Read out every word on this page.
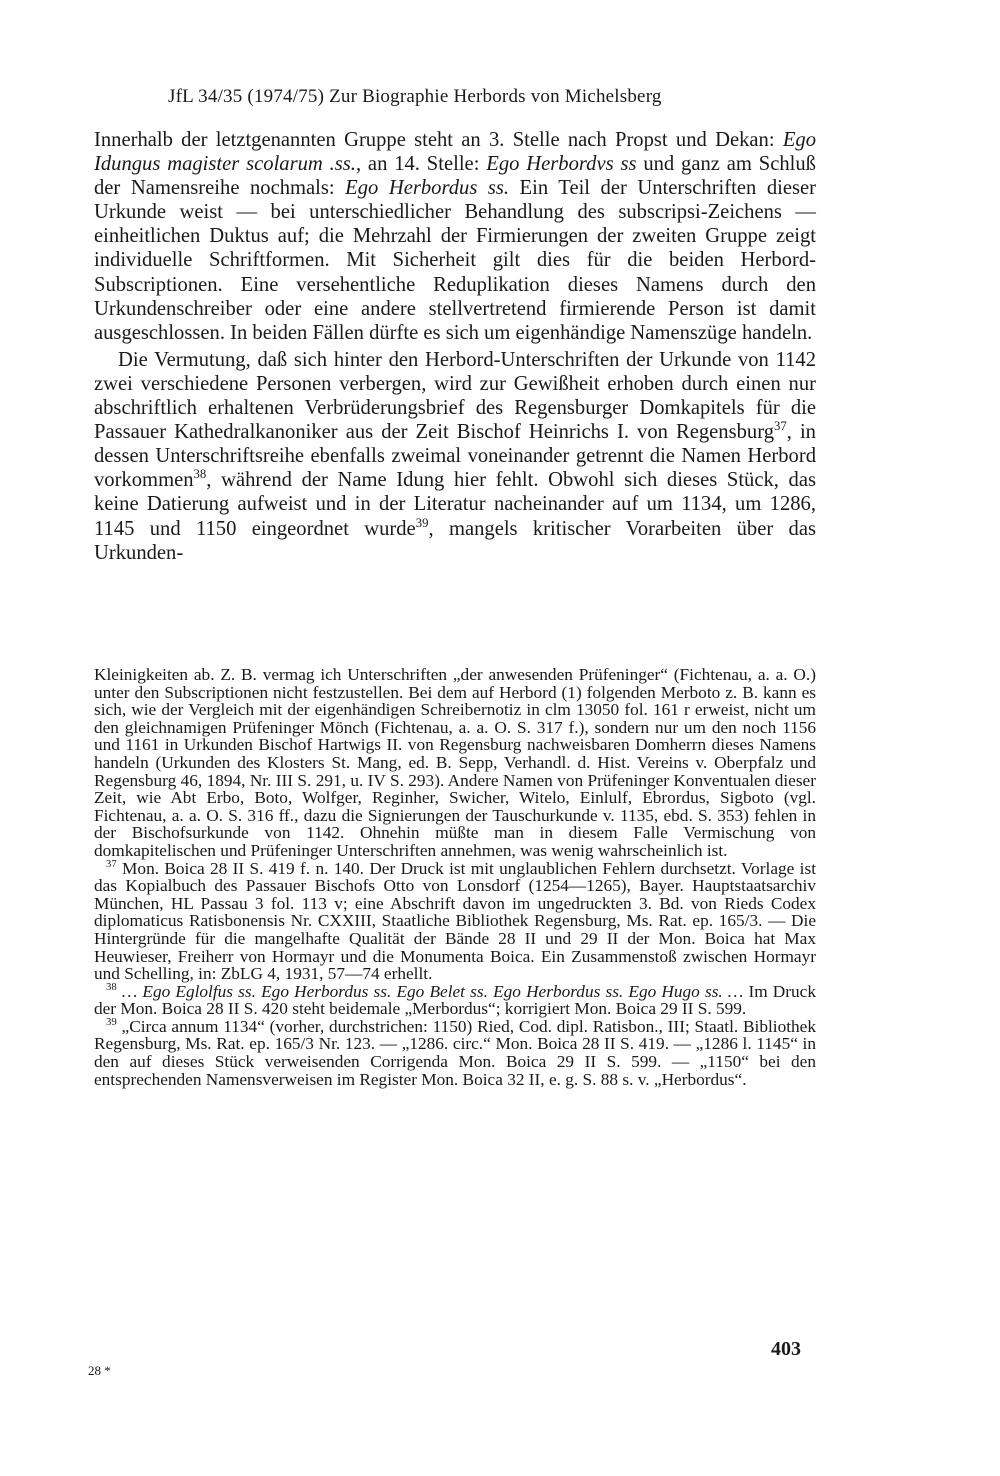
JfL 34/35 (1974/75) Zur Biographie Herbords von Michelsberg

Innerhalb der letztgenannten Gruppe steht an 3. Stelle nach Propst und Dekan: Ego Idungus magister scolarum .ss., an 14. Stelle: Ego Herbordvs ss und ganz am Schluß der Namensreihe nochmals: Ego Herbordus ss. Ein Teil der Unterschriften dieser Urkunde weist — bei unterschiedlicher Behandlung des subscripsi-Zeichens — einheitlichen Duktus auf; die Mehrzahl der Firmierungen der zweiten Gruppe zeigt individuelle Schriftformen. Mit Sicherheit gilt dies für die beiden Herbord-Subscriptionen. Eine versehentliche Reduplikation dieses Namens durch den Urkundenschreiber oder eine andere stellvertretend firmierende Person ist damit ausgeschlossen. In beiden Fällen dürfte es sich um eigenhändige Namenszüge handeln.

Die Vermutung, daß sich hinter den Herbord-Unterschriften der Urkunde von 1142 zwei verschiedene Personen verbergen, wird zur Gewißheit erhoben durch einen nur abschriftlich erhaltenen Verbrüderungsbrief des Regensburger Domkapitels für die Passauer Kathedralkanoniker aus der Zeit Bischof Heinrichs I. von Regensburg$^{37}$, in dessen Unterschriftsreihe ebenfalls zweimal voneinander getrennt die Namen Herbord vorkommen$^{38}$, während der Name Idung hier fehlt. Obwohl sich dieses Stück, das keine Datierung aufweist und in der Literatur nacheinander auf um 1134, um 1286, 1145 und 1150 eingeordnet wurde$^{39}$, mangels kritischer Vorarbeiten über das Urkunden-

Kleinigkeiten ab. Z. B. vermag ich Unterschriften „der anwesenden Prüfeninger“ (Fichtenau, a. a. O.) unter den Subscriptionen nicht festzustellen. Bei dem auf Herbord (1) folgenden Merboto z. B. kann es sich, wie der Vergleich mit der eigenhändigen Schreibernotiz in clm 13050 fol. 161 r erweist, nicht um den gleichnamigen Prüfeninger Mönch (Fichtenau, a. a. O. S. 317 f.), sondern nur um den noch 1156 und 1161 in Urkunden Bischof Hartwigs II. von Regensburg nachweisbaren Domherrn dieses Namens handeln (Urkunden des Klosters St. Mang, ed. B. Sepp, Verhandl. d. Hist. Vereins v. Oberpfalz und Regensburg 46, 1894, Nr. III S. 291, u. IV S. 293). Andere Namen von Prüfeninger Konventualen dieser Zeit, wie Abt Erbo, Boto, Wolfger, Reginher, Swicher, Witelo, Einlulf, Ebrordus, Sigboto (vgl. Fichtenau, a. a. O. S. 316 ff., dazu die Signierungen der Tauschurkunde v. 1135, ebd. S. 353) fehlen in der Bischofsurkunde von 1142. Ohnehin müßte man in diesem Falle Vermischung von domkapitelischen und Prüfeninger Unterschriften annehmen, was wenig wahrscheinlich ist.

$^{37}$ Mon. Boica 28 II S. 419 f. n. 140. Der Druck ist mit unglaublichen Fehlern durchsetzt. Vorlage ist das Kopialbuch des Passauer Bischofs Otto von Lonsdorf (1254—1265), Bayer. Hauptstaatsarchiv München, HL Passau 3 fol. 113 v; eine Abschrift davon im ungedruckten 3. Bd. von Rieds Codex diplomaticus Ratisbonensis Nr. CXXIII, Staatliche Bibliothek Regensburg, Ms. Rat. ep. 165/3. — Die Hintergründe für die mangelhafte Qualität der Bände 28 II und 29 II der Mon. Boica hat Max Heuwieser, Freiherr von Hormayr und die Monumenta Boica. Ein Zusammenstoß zwischen Hormayr und Schelling, in: ZbLG 4, 1931, 57—74 erhellt.

$^{38}$ … Ego Eglolfus ss. Ego Herbordus ss. Ego Belet ss. Ego Herbordus ss. Ego Hugo ss. … Im Druck der Mon. Boica 28 II S. 420 steht beidemale „Merbordus“; korrigiert Mon. Boica 29 II S. 599.

$^{39}$ „Circa annum 1134“ (vorher, durchstrichen: 1150) Ried, Cod. dipl. Ratisbon., III; Staatl. Bibliothek Regensburg, Ms. Rat. ep. 165/3 Nr. 123. — „1286. circ.“ Mon. Boica 28 II S. 419. — „1286 l. 1145“ in den auf dieses Stück verweisenden Corrigenda Mon. Boica 29 II S. 599. — „1150“ bei den entsprechenden Namensverweisen im Register Mon. Boica 32 II, e. g. S. 88 s. v. „Herbordus“.

28 *
403
